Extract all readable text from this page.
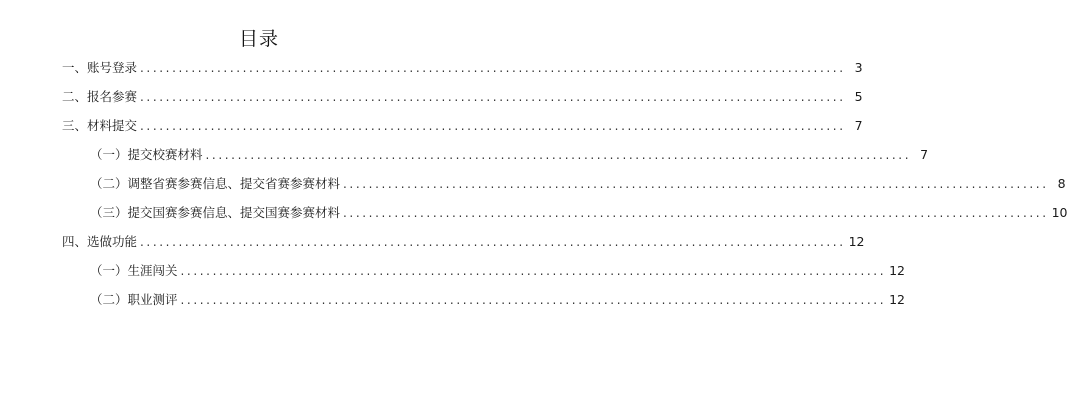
目录
一、账号登录 .............................................................................................................. 3
二、报名参赛 .............................................................................................................. 5
三、材料提交 .............................................................................................................. 7
（一）提交校赛材料 .............................................................................................................. 7
（二）调整省赛参赛信息、提交省赛参赛材料 .............................................................................................................. 8
（三）提交国赛参赛信息、提交国赛参赛材料 .............................................................................................................. 10
四、选做功能 .............................................................................................................. 12
（一）生涯闯关 .............................................................................................................. 12
（二）职业测评 .............................................................................................................. 12
